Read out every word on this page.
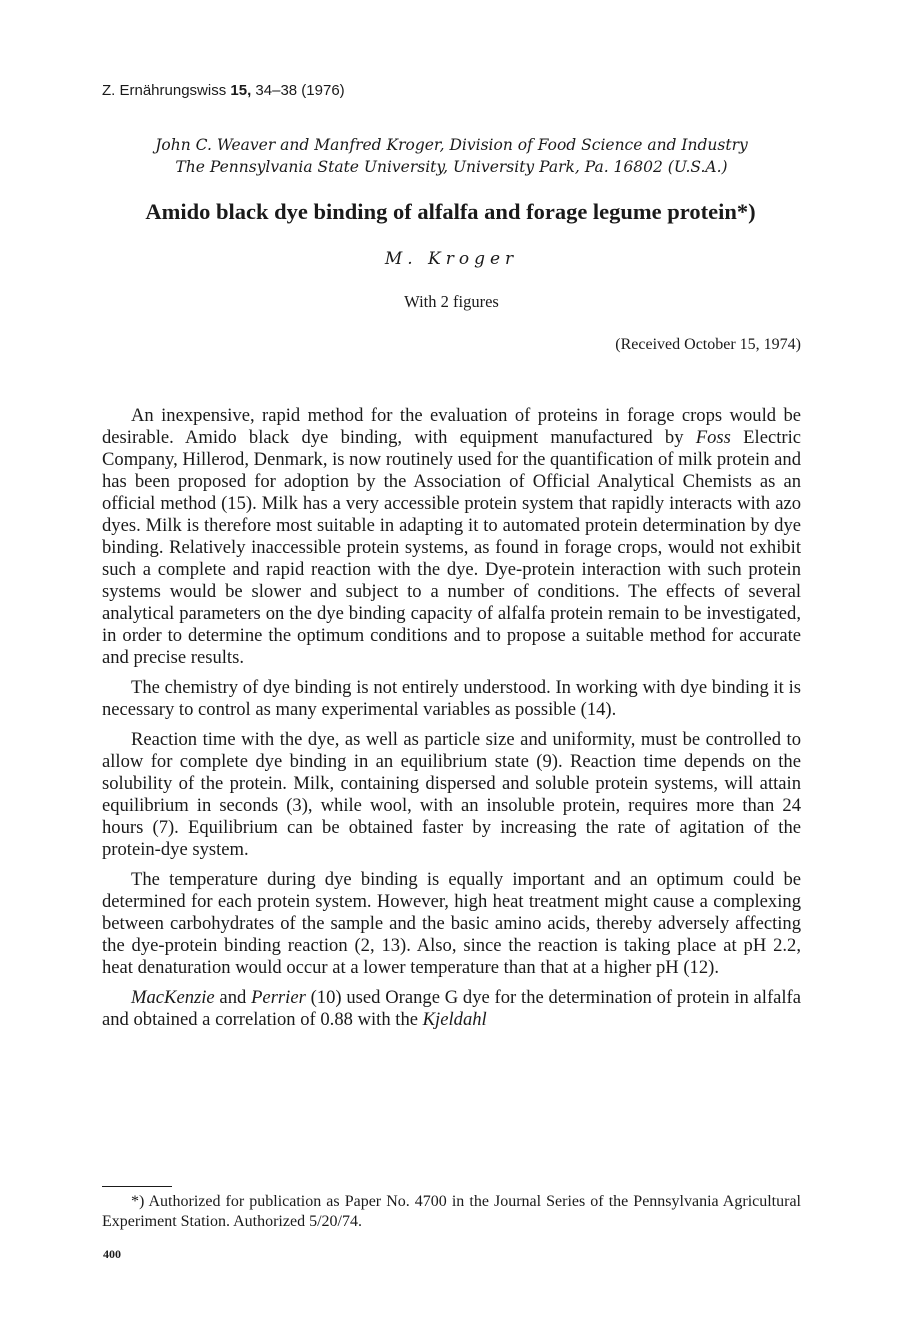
Z. Ernährungswiss 15, 34–38 (1976)
John C. Weaver and Manfred Kroger, Division of Food Science and Industry
The Pennsylvania State University, University Park, Pa. 16802 (U.S.A.)
Amido black dye binding of alfalfa and forage legume protein*)
M. Kroger
With 2 figures
(Received October 15, 1974)

An inexpensive, rapid method for the evaluation of proteins in forage crops would be desirable. Amido black dye binding, with equipment manufactured by Foss Electric Company, Hillerod, Denmark, is now routinely used for the quantification of milk protein and has been proposed for adoption by the Association of Official Analytical Chemists as an official method (15). Milk has a very accessible protein system that rapidly interacts with azo dyes. Milk is therefore most suitable in adapting it to automated protein determination by dye binding. Relatively inaccessible protein systems, as found in forage crops, would not exhibit such a complete and rapid reaction with the dye. Dye-protein interaction with such protein systems would be slower and subject to a number of conditions. The effects of several analytical parameters on the dye binding capacity of alfalfa protein remain to be investigated, in order to determine the optimum conditions and to propose a suitable method for accurate and precise results.

The chemistry of dye binding is not entirely understood. In working with dye binding it is necessary to control as many experimental variables as possible (14).

Reaction time with the dye, as well as particle size and uniformity, must be controlled to allow for complete dye binding in an equilibrium state (9). Reaction time depends on the solubility of the protein. Milk, containing dispersed and soluble protein systems, will attain equilibrium in seconds (3), while wool, with an insoluble protein, requires more than 24 hours (7). Equilibrium can be obtained faster by increasing the rate of agitation of the protein-dye system.

The temperature during dye binding is equally important and an optimum could be determined for each protein system. However, high heat treatment might cause a complexing between carbohydrates of the sample and the basic amino acids, thereby adversely affecting the dye-protein binding reaction (2, 13). Also, since the reaction is taking place at pH 2.2, heat denaturation would occur at a lower temperature than that at a higher pH (12).

MacKenzie and Perrier (10) used Orange G dye for the determination of protein in alfalfa and obtained a correlation of 0.88 with the Kjeldahl

*) Authorized for publication as Paper No. 4700 in the Journal Series of the Pennsylvania Agricultural Experiment Station. Authorized 5/20/74.
400
